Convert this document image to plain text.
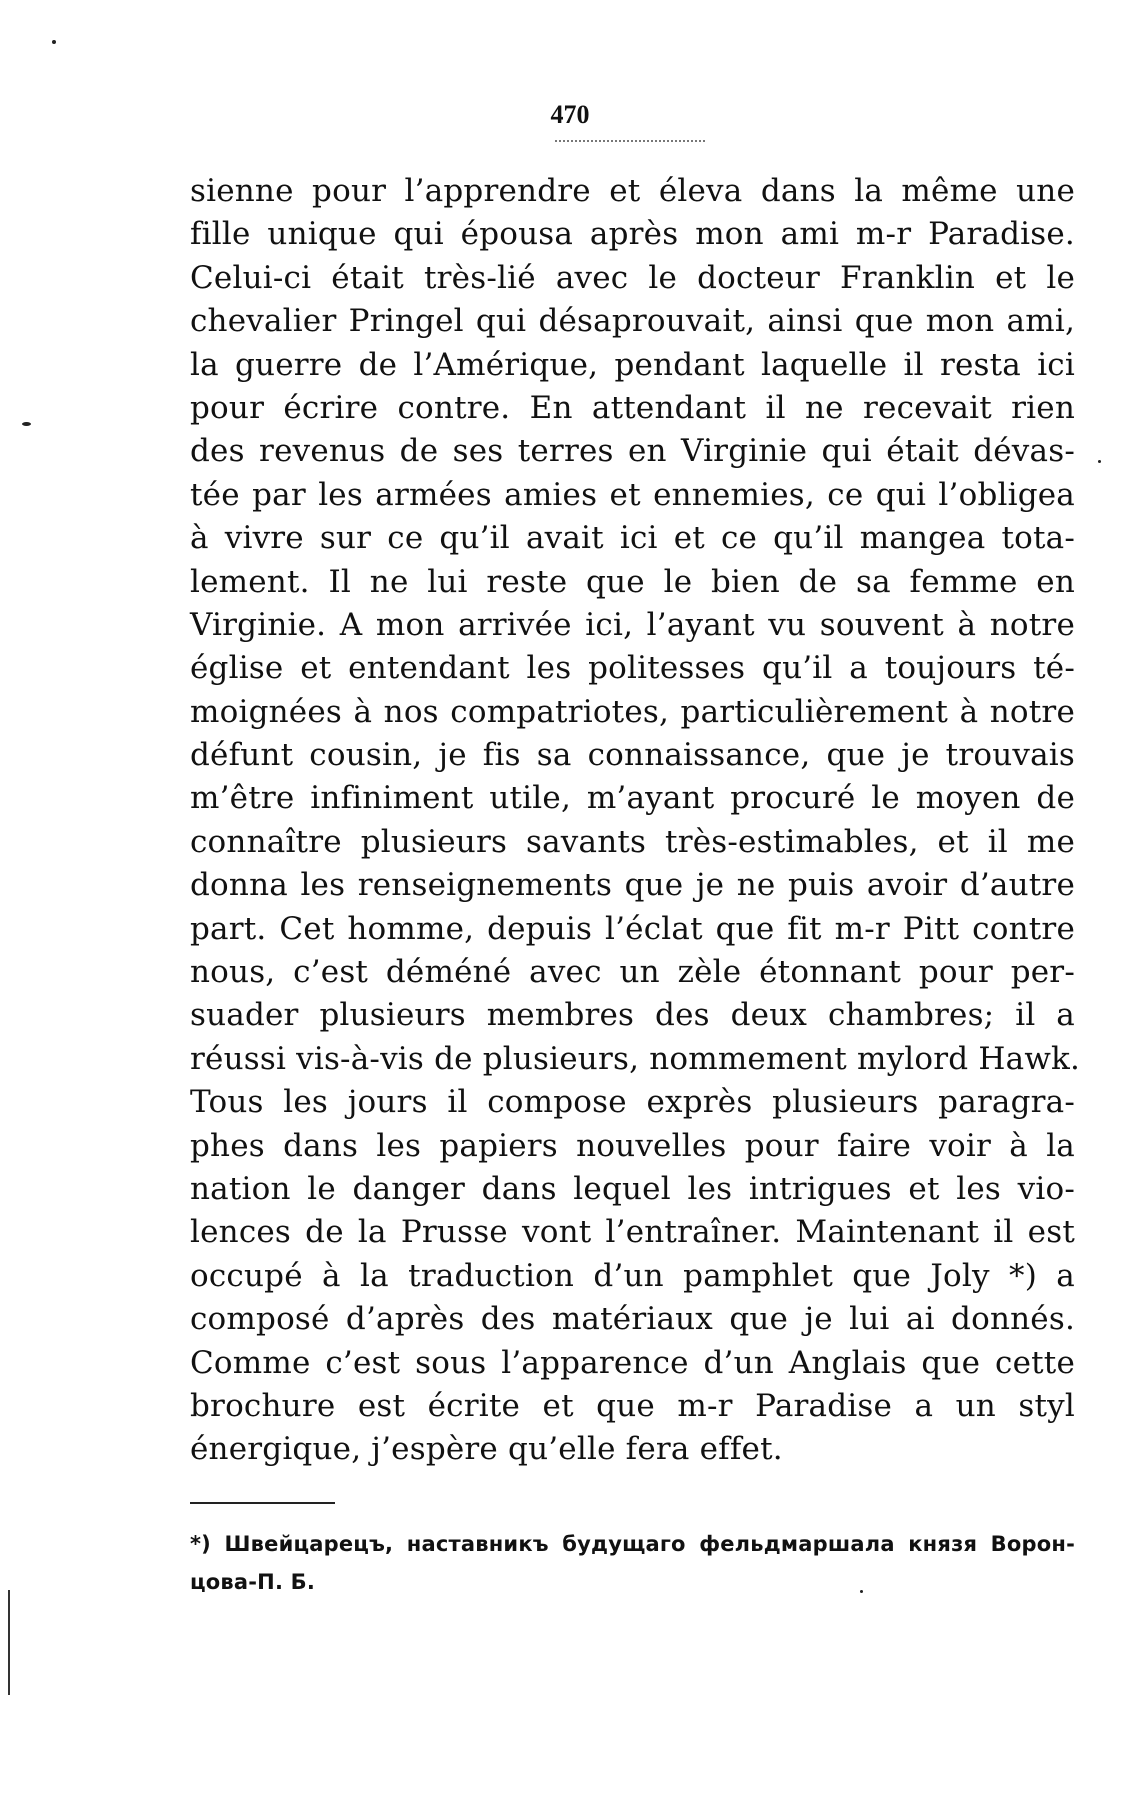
470
sienne pour l’apprendre et éleva dans la même une
fille unique qui épousa après mon ami m-r Paradise.
Celui-ci était très-lié avec le docteur Franklin et le
chevalier Pringel qui désaprouvait, ainsi que mon ami,
la guerre de l’Amérique, pendant laquelle il resta ici
pour écrire contre. En attendant il ne recevait rien
des revenus de ses terres en Virginie qui était dévas-
tée par les armées amies et ennemies, ce qui l’obligea
à vivre sur ce qu’il avait ici et ce qu’il mangea tota-
lement. Il ne lui reste que le bien de sa femme en
Virginie. A mon arrivée ici, l’ayant vu souvent à notre
église et entendant les politesses qu’il a toujours té-
moignées à nos compatriotes, particulièrement à notre
défunt cousin, je fis sa connaissance, que je trouvais
m’être infiniment utile, m’ayant procuré le moyen de
connaître plusieurs savants très-estimables, et il me
donna les renseignements que je ne puis avoir d’autre
part. Cet homme, depuis l’éclat que fit m-r Pitt contre
nous, c’est déméné avec un zèle étonnant pour per-
suader plusieurs membres des deux chambres; il a
réussi vis-à-vis de plusieurs, nommement mylord Hawk.
Tous les jours il compose exprès plusieurs paragra-
phes dans les papiers nouvelles pour faire voir à la
nation le danger dans lequel les intrigues et les vio-
lences de la Prusse vont l’entraîner. Maintenant il est
occupé à la traduction d’un pamphlet que Joly *) a
composé d’après des matériaux que je lui ai donnés.
Comme c’est sous l’apparence d’un Anglais que cette
brochure est écrite et que m-r Paradise a un styl
énergique, j’espère qu’elle fera effet.
*) Швейцарецъ, наставникъ будущаго фельдмаршала князя Ворон-
цова-П. Б.
